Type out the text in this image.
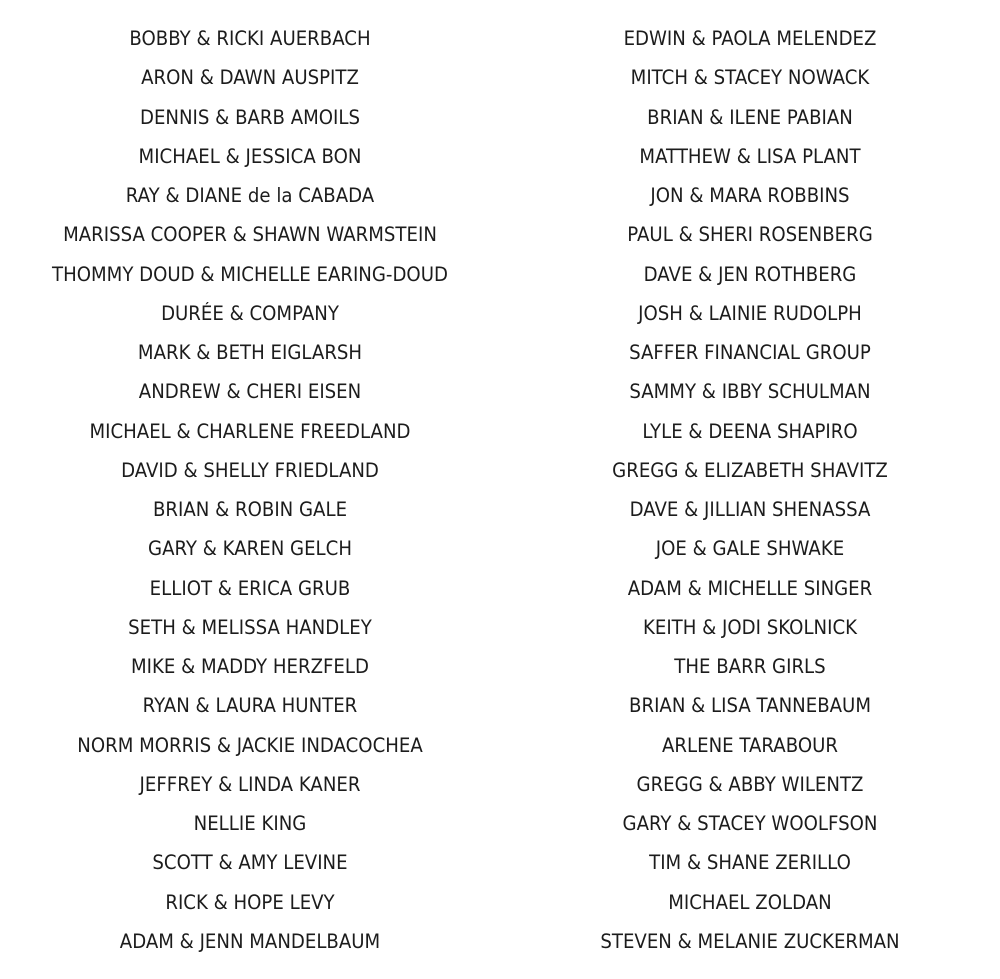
BOBBY & RICKI AUERBACH
ARON & DAWN AUSPITZ
DENNIS & BARB AMOILS
MICHAEL & JESSICA BON
RAY & DIANE de la CABADA
MARISSA COOPER & SHAWN WARMSTEIN
THOMMY DOUD & MICHELLE EARING-DOUD
DURÉE & COMPANY
MARK & BETH EIGLARSH
ANDREW & CHERI EISEN
MICHAEL & CHARLENE FREEDLAND
DAVID & SHELLY FRIEDLAND
BRIAN & ROBIN GALE
GARY & KAREN GELCH
ELLIOT & ERICA GRUB
SETH & MELISSA HANDLEY
MIKE & MADDY HERZFELD
RYAN & LAURA HUNTER
NORM MORRIS & JACKIE INDACOCHEA
JEFFREY & LINDA KANER
NELLIE KING
SCOTT & AMY LEVINE
RICK & HOPE LEVY
ADAM & JENN MANDELBAUM
EDWIN & PAOLA MELENDEZ
MITCH & STACEY NOWACK
BRIAN & ILENE PABIAN
MATTHEW & LISA PLANT
JON & MARA ROBBINS
PAUL & SHERI ROSENBERG
DAVE & JEN ROTHBERG
JOSH & LAINIE RUDOLPH
SAFFER FINANCIAL GROUP
SAMMY & IBBY SCHULMAN
LYLE & DEENA SHAPIRO
GREGG & ELIZABETH SHAVITZ
DAVE & JILLIAN SHENASSA
JOE & GALE SHWAKE
ADAM & MICHELLE SINGER
KEITH & JODI SKOLNICK
THE BARR GIRLS
BRIAN & LISA TANNEBAUM
ARLENE TARABOUR
GREGG & ABBY WILENTZ
GARY & STACEY WOOLFSON
TIM & SHANE ZERILLO
MICHAEL ZOLDAN
STEVEN & MELANIE ZUCKERMAN
